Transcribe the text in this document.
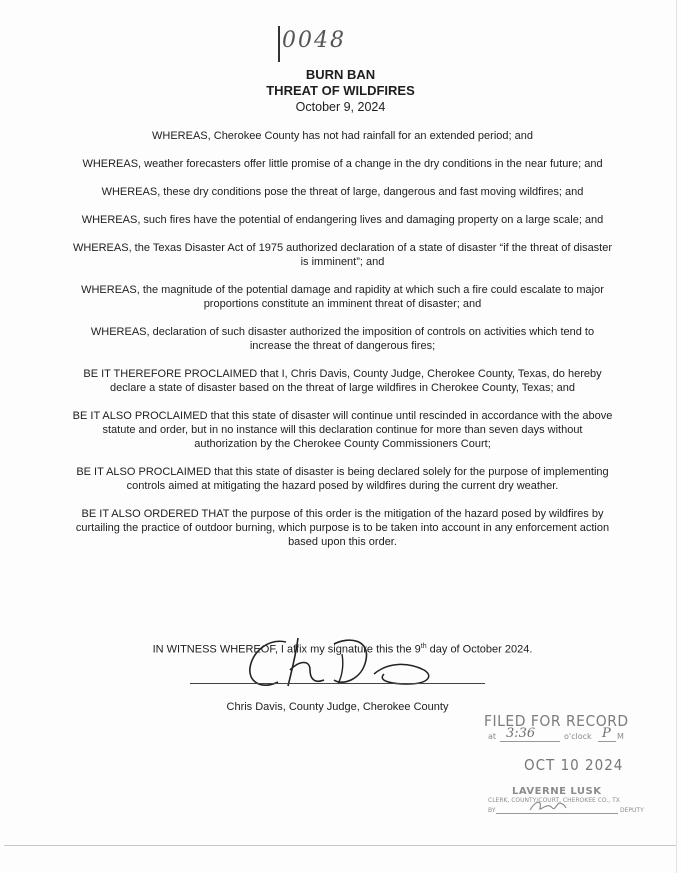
0048
BURN BAN
THREAT OF WILDFIRES
October 9, 2024

WHEREAS, Cherokee County has not had rainfall for an extended period; and

WHEREAS, weather forecasters offer little promise of a change in the dry conditions in the near future; and

WHEREAS, these dry conditions pose the threat of large, dangerous and fast moving wildfires; and

WHEREAS, such fires have the potential of endangering lives and damaging property on a large scale; and

WHEREAS, the Texas Disaster Act of 1975 authorized declaration of a state of disaster “if the threat of disaster is imminent”; and

WHEREAS, the magnitude of the potential damage and rapidity at which such a fire could escalate to major proportions constitute an imminent threat of disaster; and

WHEREAS, declaration of such disaster authorized the imposition of controls on activities which tend to increase the threat of dangerous fires;

BE IT THEREFORE PROCLAIMED that I, Chris Davis, County Judge, Cherokee County, Texas, do hereby declare a state of disaster based on the threat of large wildfires in Cherokee County, Texas; and

BE IT ALSO PROCLAIMED that this state of disaster will continue until rescinded in accordance with the above statute and order, but in no instance will this declaration continue for more than seven days without authorization by the Cherokee County Commissioners Court;

BE IT ALSO PROCLAIMED that this state of disaster is being declared solely for the purpose of implementing controls aimed at mitigating the hazard posed by wildfires during the current dry weather.

BE IT ALSO ORDERED THAT the purpose of this order is the mitigation of the hazard posed by wildfires by curtailing the practice of outdoor burning, which purpose is to be taken into account in any enforcement action based upon this order.

IN WITNESS WHEREOF, I affix my signature this the 9th day of October 2024.
Chris Davis, County Judge, Cherokee County
FILED FOR RECORD
at 3:36	o'clock P M
OCT 10 2024
LAVERNE LUSK
CLERK, COUNTY/COURT, CHEROKEE CO., TX
BY	DEPUTY
